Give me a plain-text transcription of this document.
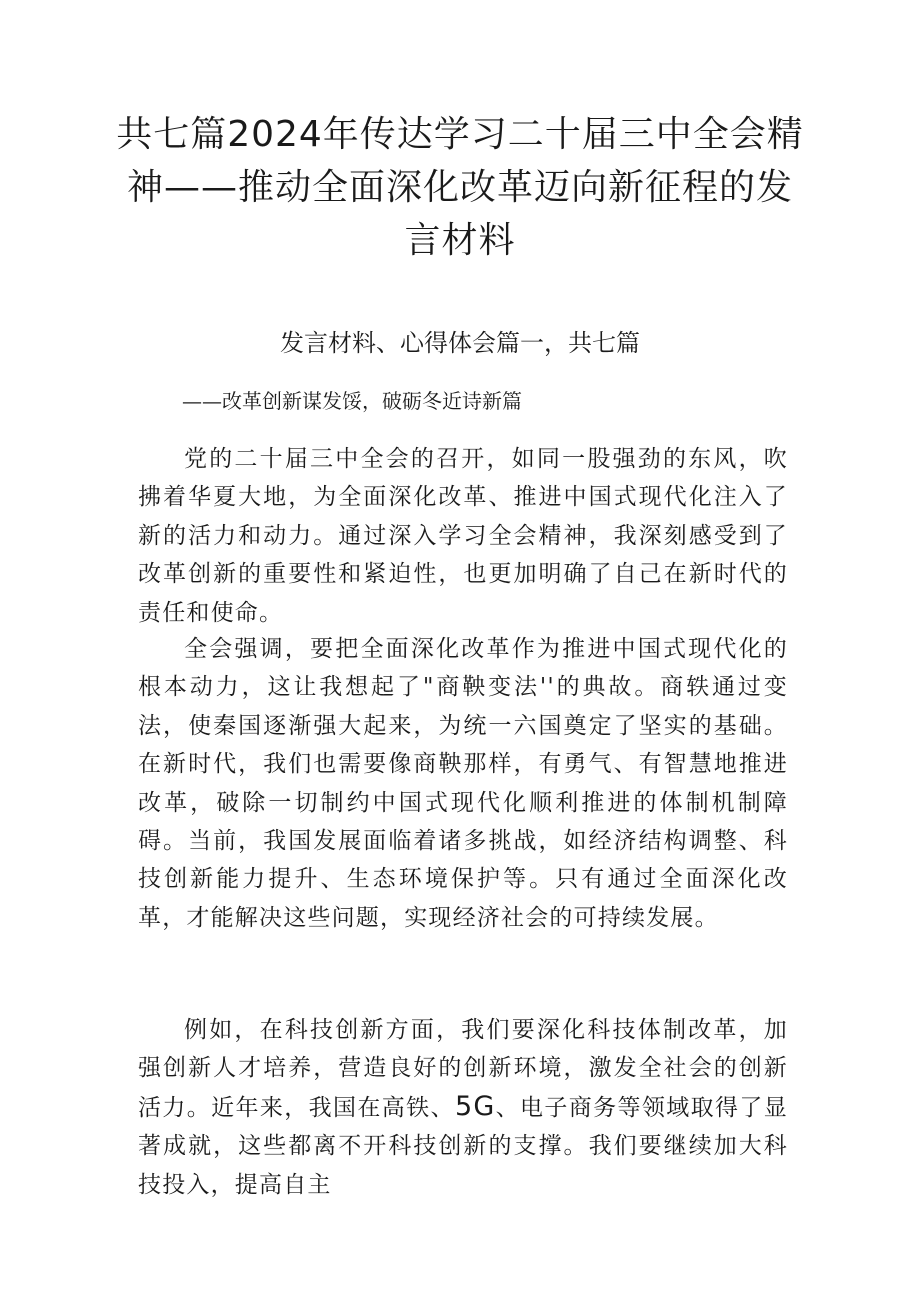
共七篇2024年传达学习二十届三中全会精
神——推动全面深化改革迈向新征程的发
言材料
发言材料、心得体会篇一，共七篇

——改革创新谋发馁，破砺冬近诗新篇

党的二十届三中全会的召开，如同一股强劲的东风，吹拂着华夏大地，为全面深化改革、推进中国式现代化注入了新的活力和动力。通过深入学习全会精神，我深刻感受到了改革创新的重要性和紧迫性，也更加明确了自己在新时代的责任和使命。

全会强调，要把全面深化改革作为推进中国式现代化的根本动力，这让我想起了"商鞅变法''的典故。商轶通过变法，使秦国逐渐强大起来，为统一六国奠定了坚实的基础。在新时代，我们也需要像商鞅那样，有勇气、有智慧地推进改革，破除一切制约中国式现代化顺利推进的体制机制障碍。当前，我国发展面临着诸多挑战，如经济结构调整、科技创新能力提升、生态环境保护等。只有通过全面深化改革，才能解决这些问题，实现经济社会的可持续发展。

例如，在科技创新方面，我们要深化科技体制改革，加强创新人才培养，营造良好的创新环境，激发全社会的创新活力。近年来，我国在高铁、5G、电子商务等领域取得了显著成就，这些都离不开科技创新的支撑。我们要继续加大科技投入，提高自主
